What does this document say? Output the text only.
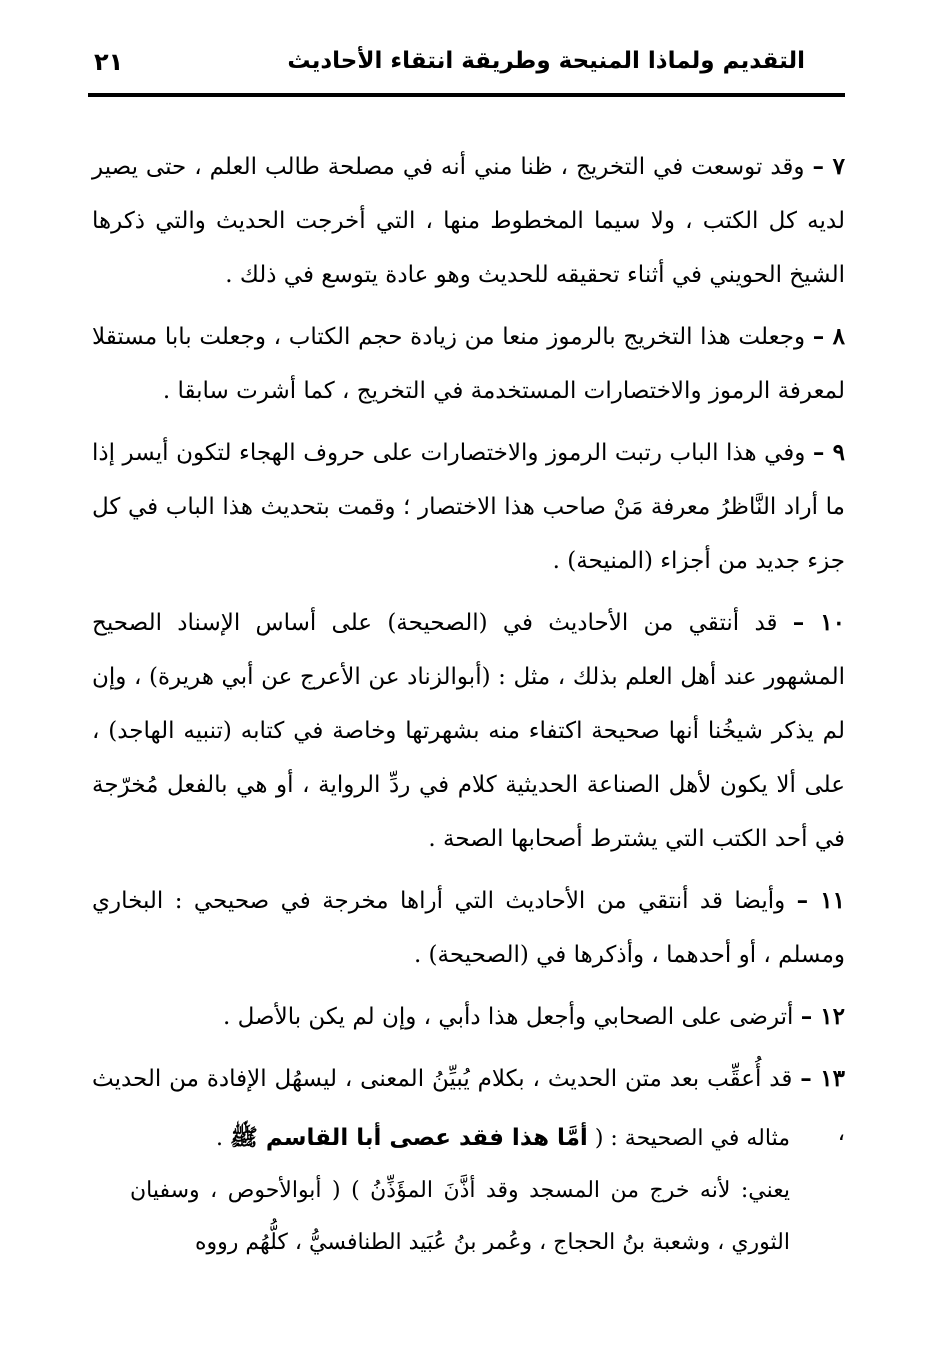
التقديم ولماذا المنيحة وطريقة انتقاء الأحاديث
٢١

٧ – وقد توسعت في التخريج ، ظنا مني أنه في مصلحة طالب العلم ، حتى يصير لديه كل الكتب ، ولا سيما المخطوط منها ، التي أخرجت الحديث والتي ذكرها الشيخ الحويني في أثناء تحقيقه للحديث وهو عادة يتوسع في ذلك .

٨ – وجعلت هذا التخريج بالرموز منعا من زيادة حجم الكتاب ، وجعلت بابا مستقلا لمعرفة الرموز والاختصارات المستخدمة في التخريج ، كما أشرت سابقا .

٩ – وفي هذا الباب رتبت الرموز والاختصارات على حروف الهجاء لتكون أيسر إذا ما أراد النَّاظرُ معرفة مَنْ صاحب هذا الاختصار ؛ وقمت بتحديث هذا الباب في كل جزء جديد من أجزاء (المنيحة) .

١٠ – قد أنتقي من الأحاديث في (الصحيحة) على أساس الإسناد الصحيح المشهور عند أهل العلم بذلك ، مثل : (أبوالزناد عن الأعرج عن أبي هريرة) ، وإن لم يذكر شيخُنا أنها صحيحة اكتفاء منه بشهرتها وخاصة في كتابه (تنبيه الهاجد) ، على ألا يكون لأهل الصناعة الحديثية كلام في ردِّ الرواية ، أو هي بالفعل مُخرّجة في أحد الكتب التي يشترط أصحابها الصحة .

١١ – وأيضا قد أنتقي من الأحاديث التي أراها مخرجة في صحيحي : البخاري ومسلم ، أو أحدهما ، وأذكرها في (الصحيحة) .

١٢ – أترضى على الصحابي وأجعل هذا دأبي ، وإن لم يكن بالأصل .

١٣ – قد أُعقِّب بعد متن الحديث ، بكلام يُبيِّنُ المعنى ، ليسهُل الإفادة من الحديث ،

مثاله في الصحيحة : ( أمَّا هذا فقد عصى أبا القاسم ﷺ .

يعني: لأنه خرج من المسجد وقد أذَّنَ المؤَذِّنُ ) ( أبوالأحوص ، وسفيان الثوري ، وشعبة بنُ الحجاج ، وعُمر بنُ عُبَيد الطنافسيُّ ، كلُّهُم رووه
